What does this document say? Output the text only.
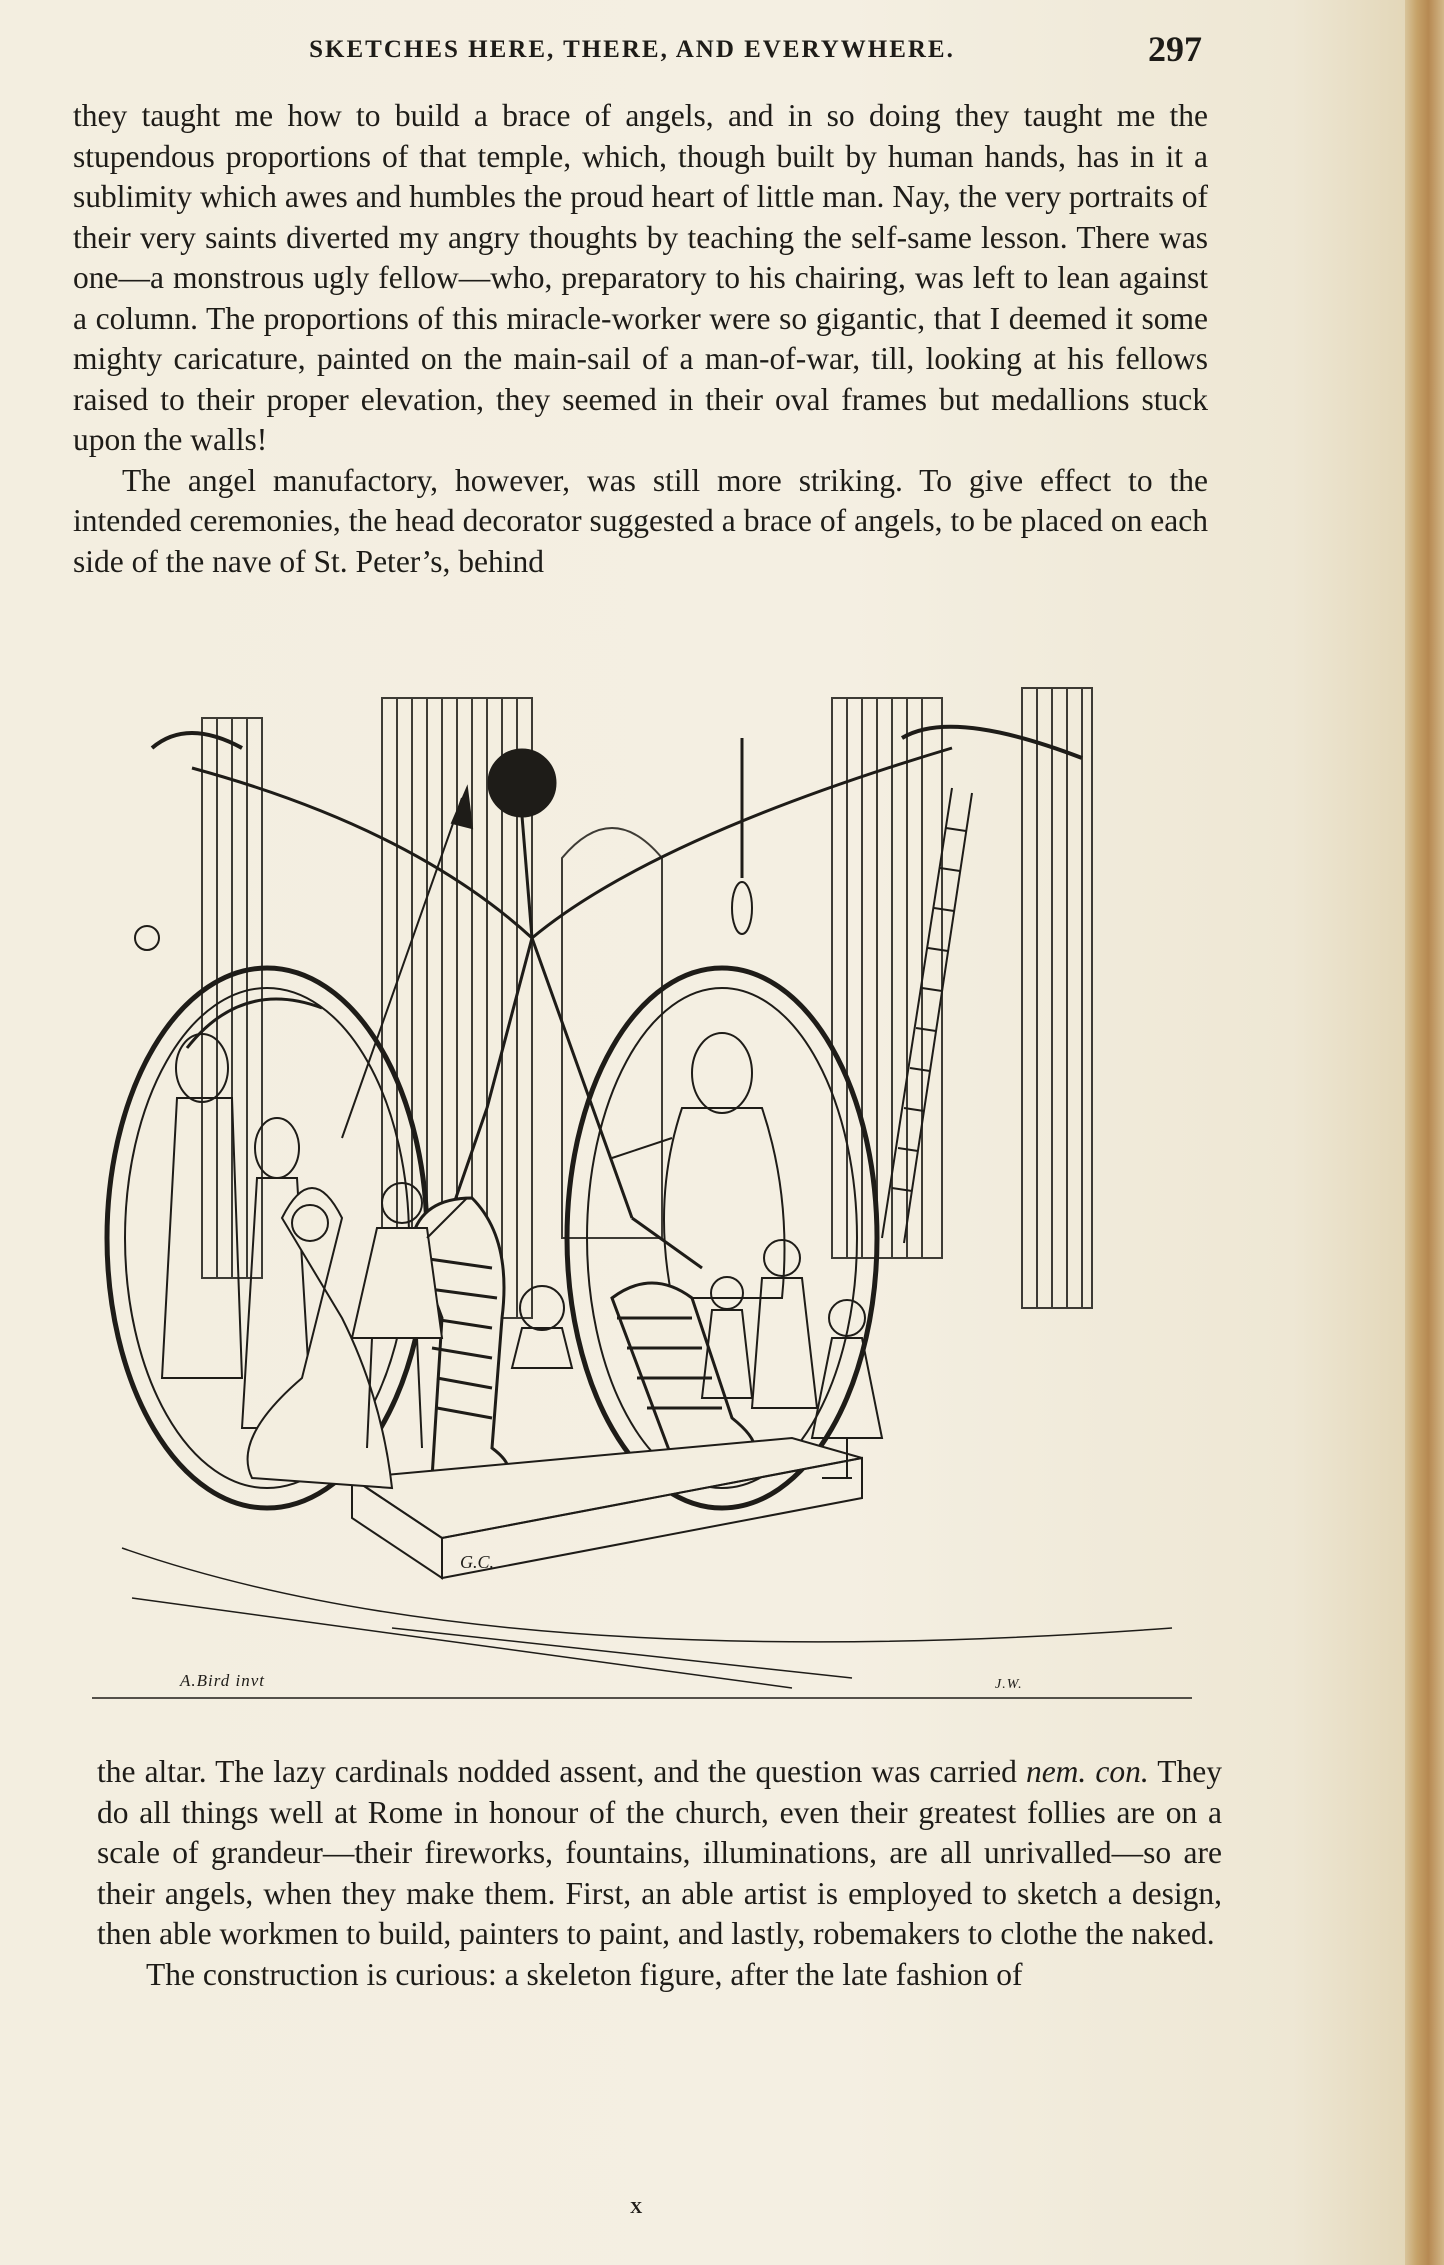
SKETCHES HERE, THERE, AND EVERYWHERE.	297

they taught me how to build a brace of angels, and in so doing they taught me the stupendous proportions of that temple, which, though built by human hands, has in it a sublimity which awes and humbles the proud heart of little man. Nay, the very portraits of their very saints diverted my angry thoughts by teaching the self-same lesson. There was one—a monstrous ugly fellow—who, preparatory to his chairing, was left to lean against a column. The proportions of this miracle-worker were so gigantic, that I deemed it some mighty caricature, painted on the main-sail of a man-of-war, till, looking at his fellows raised to their proper elevation, they seemed in their oval frames but medallions stuck upon the walls!

The angel manufactory, however, was still more striking. To give effect to the intended ceremonies, the head decorator suggested a brace of angels, to be placed on each side of the nave of St. Peter’s, behind

G.C.
A.Bird invt	J.W.

the altar. The lazy cardinals nodded assent, and the question was carried nem. con. They do all things well at Rome in honour of the church, even their greatest follies are on a scale of grandeur—their fireworks, fountains, illuminations, are all unrivalled—so are their angels, when they make them. First, an able artist is employed to sketch a design, then able workmen to build, painters to paint, and lastly, robemakers to clothe the naked.

The construction is curious: a skeleton figure, after the late fashion of

X
